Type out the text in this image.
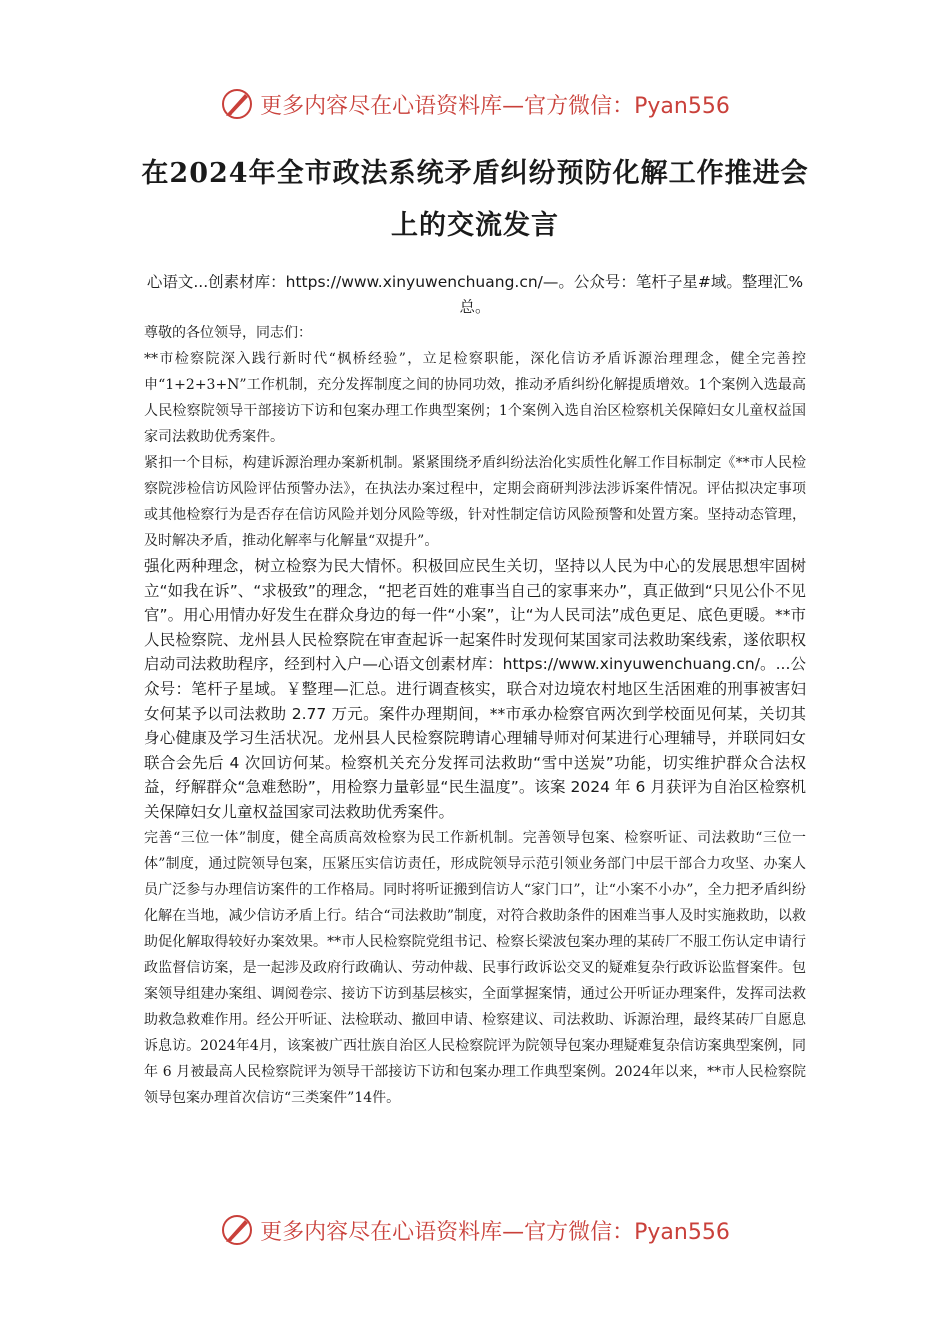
更多内容尽在心语资料库—官方微信：Pyan556
在2024年全市政法系统矛盾纠纷预防化解工作推进会上的交流发言
心语文...创素材库：https://www.xinyuwenchuang.cn/—。公众号：笔杆子星#域。整理汇%总。

尊敬的各位领导，同志们：

**市检察院深入践行新时代“枫桥经验”，立足检察职能，深化信访矛盾诉源治理理念，健全完善控申“1+2+3+N”工作机制，充分发挥制度之间的协同功效，推动矛盾纠纷化解提质增效。1个案例入选最高人民检察院领导干部接访下访和包案办理工作典型案例；1个案例入选自治区检察机关保障妇女儿童权益国家司法救助优秀案件。

紧扣一个目标，构建诉源治理办案新机制。紧紧围绕矛盾纠纷法治化实质性化解工作目标制定《**市人民检察院涉检信访风险评估预警办法》，在执法办案过程中，定期会商研判涉法涉诉案件情况。评估拟决定事项或其他检察行为是否存在信访风险并划分风险等级，针对性制定信访风险预警和处置方案。坚持动态管理，及时解决矛盾，推动化解率与化解量“双提升”。

强化两种理念，树立检察为民大情怀。积极回应民生关切，坚持以人民为中心的发展思想牢固树立“如我在诉”、“求极致”的理念，“把老百姓的难事当自己的家事来办”，真正做到“只见公仆不见官”。用心用情办好发生在群众身边的每一件“小案”，让“为人民司法”成色更足、底色更暖。**市人民检察院、龙州县人民检察院在审查起诉一起案件时发现何某国家司法救助案线索，遂依职权启动司法救助程序，经到村入户—心语文创素材库：https://www.xinyuwenchuang.cn/。...公众号：笔杆子星域。￥整理—汇总。进行调查核实，联合对边境农村地区生活困难的刑事被害妇女何某予以司法救助 2.77 万元。案件办理期间，**市承办检察官两次到学校面见何某，关切其身心健康及学习生活状况。龙州县人民检察院聘请心理辅导师对何某进行心理辅导，并联同妇女联合会先后 4 次回访何某。检察机关充分发挥司法救助“雪中送炭”功能，切实维护群众合法权益，纾解群众“急难愁盼”，用检察力量彰显“民生温度”。该案 2024 年 6 月获评为自治区检察机关保障妇女儿童权益国家司法救助优秀案件。

完善“三位一体”制度，健全高质高效检察为民工作新机制。完善领导包案、检察听证、司法救助“三位一体”制度，通过院领导包案，压紧压实信访责任，形成院领导示范引领业务部门中层干部合力攻坚、办案人员广泛参与办理信访案件的工作格局。同时将听证搬到信访人“家门口”，让“小案不小办”，全力把矛盾纠纷化解在当地，减少信访矛盾上行。结合“司法救助”制度，对符合救助条件的困难当事人及时实施救助，以救助促化解取得较好办案效果。**市人民检察院党组书记、检察长梁波包案办理的某砖厂不服工伤认定申请行政监督信访案，是一起涉及政府行政确认、劳动仲裁、民事行政诉讼交叉的疑难复杂行政诉讼监督案件。包案领导组建办案组、调阅卷宗、接访下访到基层核实，全面掌握案情，通过公开听证办理案件，发挥司法救助救急救难作用。经公开听证、法检联动、撤回申请、检察建议、司法救助、诉源治理，最终某砖厂自愿息诉息访。2024年4月，该案被广西壮族自治区人民检察院评为院领导包案办理疑难复杂信访案典型案例，同年 6 月被最高人民检察院评为领导干部接访下访和包案办理工作典型案例。2024年以来，**市人民检察院领导包案办理首次信访“三类案件”14件。

更多内容尽在心语资料库—官方微信：Pyan556
